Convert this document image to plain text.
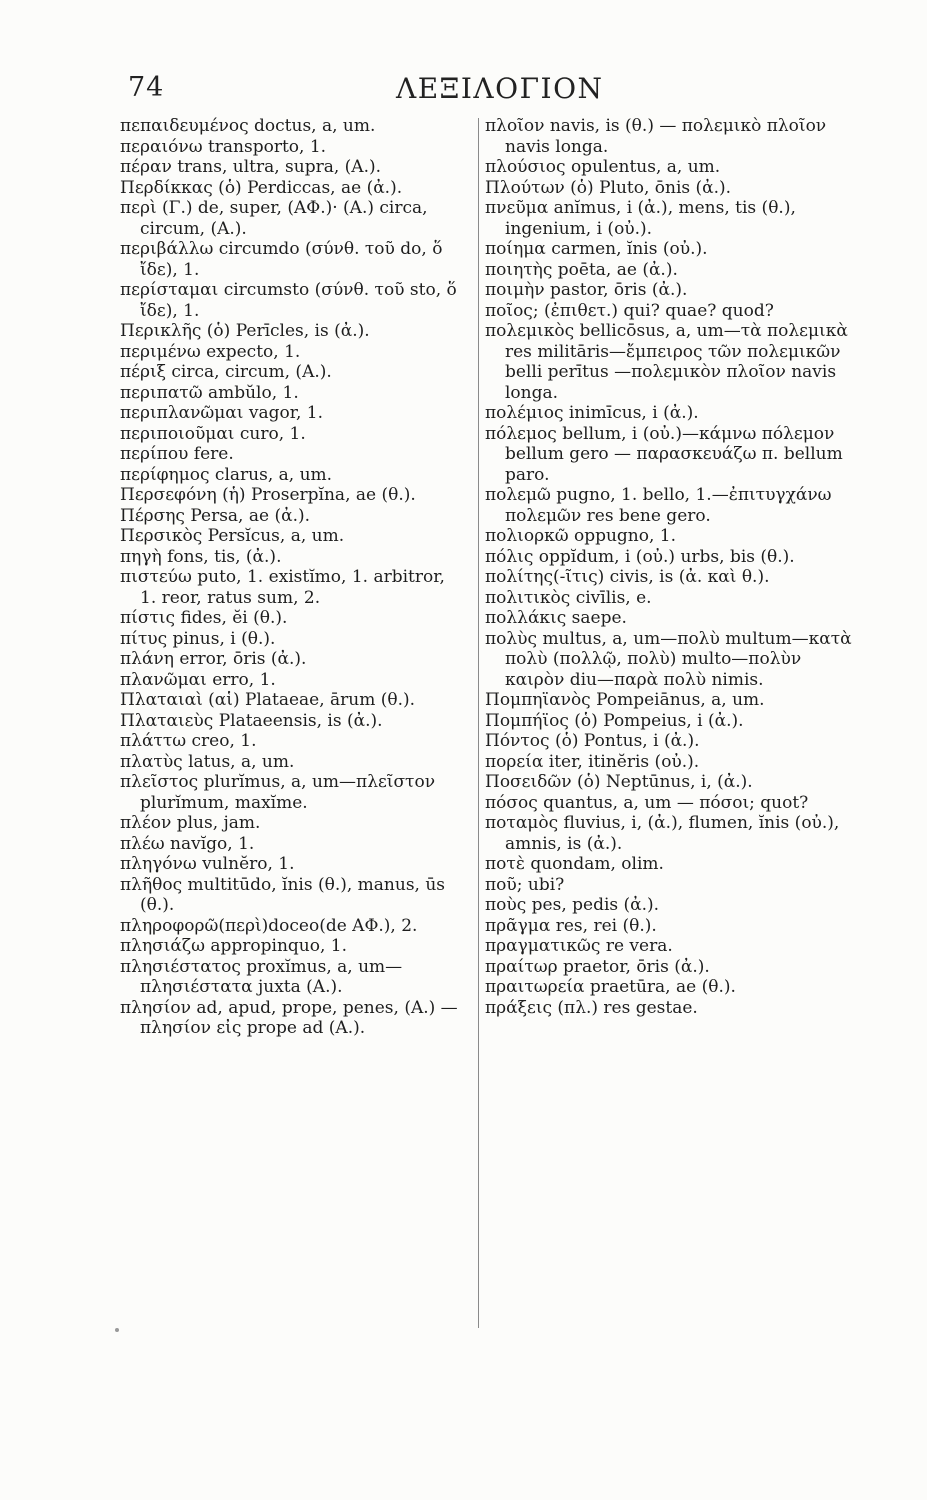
74	ΛΕΞΙΛΟΓΙΟΝ
πεπαιδευμένος doctus, a, um.
περαιόνω transporto, 1.
πέραν trans, ultra, supra, (Α.).
Περδίκκας (ὁ) Perdiccas, ae (ἀ.).
περὶ (Γ.) de, super, (ΑΦ.)· (Α.) circa, circum, (Α.).
περιβάλλω circumdo (σύνθ. τοῦ do, ὅ ἴδε), 1.
περίσταμαι circumsto (σύνθ. τοῦ sto, ὅ ἴδε), 1.
Περικλῆς (ὁ) Perīcles, is (ἀ.).
περιμένω expecto, 1.
πέριξ circa, circum, (Α.).
περιπατῶ ambŭlo, 1.
περιπλανῶμαι vagor, 1.
περιποιοῦμαι curo, 1.
περίπου fere.
περίφημος clarus, a, um.
Περσεφόνη (ἡ) Proserpĭna, ae (θ.).
Πέρσης Persa, ae (ἀ.).
Περσικὸς Persĭcus, a, um.
πηγὴ fons, tis, (ἀ.).
πιστεύω puto, 1. existĭmo, 1. arbitror, 1. reor, ratus sum, 2.
πίστις fides, ĕi (θ.).
πίτυς pinus, i (θ.).
πλάνη error, ōris (ἀ.).
πλανῶμαι erro, 1.
Πλαταιαὶ (αἱ) Plataeae, ārum (θ.).
Πλαταιεὺς Plataeensis, is (ἀ.).
πλάττω creo, 1.
πλατὺς latus, a, um.
πλεῖστος plurĭmus, a, um—πλεῖστον plurĭmum, maxĭme.
πλέον plus, jam.
πλέω navĭgo, 1.
πληγόνω vulnĕro, 1.
πλῆθος multitūdo, ĭnis (θ.), manus, ūs (θ.).
πληροφορῶ(περὶ)doceo(de ΑΦ.), 2.
πλησιάζω appropinquo, 1.
πλησιέστατος proxĭmus, a, um—πλησιέστατα juxta (Α.).
πλησίον ad, apud, prope, penes, (Α.) — πλησίον εἰς prope ad (Α.).
πλοῖον navis, is (θ.) — πολεμικὸ πλοῖον navis longa.
πλούσιος opulentus, a, um.
Πλούτων (ὁ) Pluto, ōnis (ἀ.).
πνεῦμα anĭmus, i (ἀ.), mens, tis (θ.), ingenium, i (οὐ.).
ποίημα carmen, ĭnis (οὐ.).
ποιητὴς poēta, ae (ἀ.).
ποιμὴν pastor, ōris (ἀ.).
ποῖος; (ἐπιθετ.) qui? quae? quod?
πολεμικὸς bellicōsus, a, um—τὰ πολεμικὰ res militāris—ἔμπειρος τῶν πολεμικῶν belli perītus —πολεμικὸν πλοῖον navis longa.
πολέμιος inimīcus, i (ἀ.).
πόλεμος bellum, i (οὐ.)—κάμνω πόλεμον bellum gero — παρασκευάζω π. bellum paro.
πολεμῶ pugno, 1. bello, 1.—ἐπιτυγχάνω πολεμῶν res bene gero.
πολιορκῶ oppugno, 1.
πόλις oppĭdum, i (οὐ.) urbs, bis (θ.).
πολίτης(-ῖτις) civis, is (ἀ. καὶ θ.).
πολιτικὸς civīlis, e.
πολλάκις saepe.
πολὺς multus, a, um—πολὺ multum—κατὰ πολὺ (πολλῷ, πολὺ) multo—πολὺν καιρὸν diu—παρὰ πολὺ nimis.
Πομπηϊανὸς Pompeiānus, a, um.
Πομπήϊος (ὁ) Pompeius, i (ἀ.).
Πόντος (ὁ) Pontus, i (ἀ.).
πορεία iter, itinĕris (οὐ.).
Ποσειδῶν (ὁ) Neptūnus, i, (ἀ.).
πόσος quantus, a, um — πόσοι; quot?
ποταμὸς fluvius, i, (ἀ.), flumen, ĭnis (οὐ.), amnis, is (ἀ.).
ποτὲ quondam, olim.
ποῦ; ubi?
ποὺς pes, pedis (ἀ.).
πρᾶγμα res, rei (θ.).
πραγματικῶς re vera.
πραίτωρ praetor, ōris (ἀ.).
πραιτωρεία praetūra, ae (θ.).
πράξεις (πλ.) res gestae.
